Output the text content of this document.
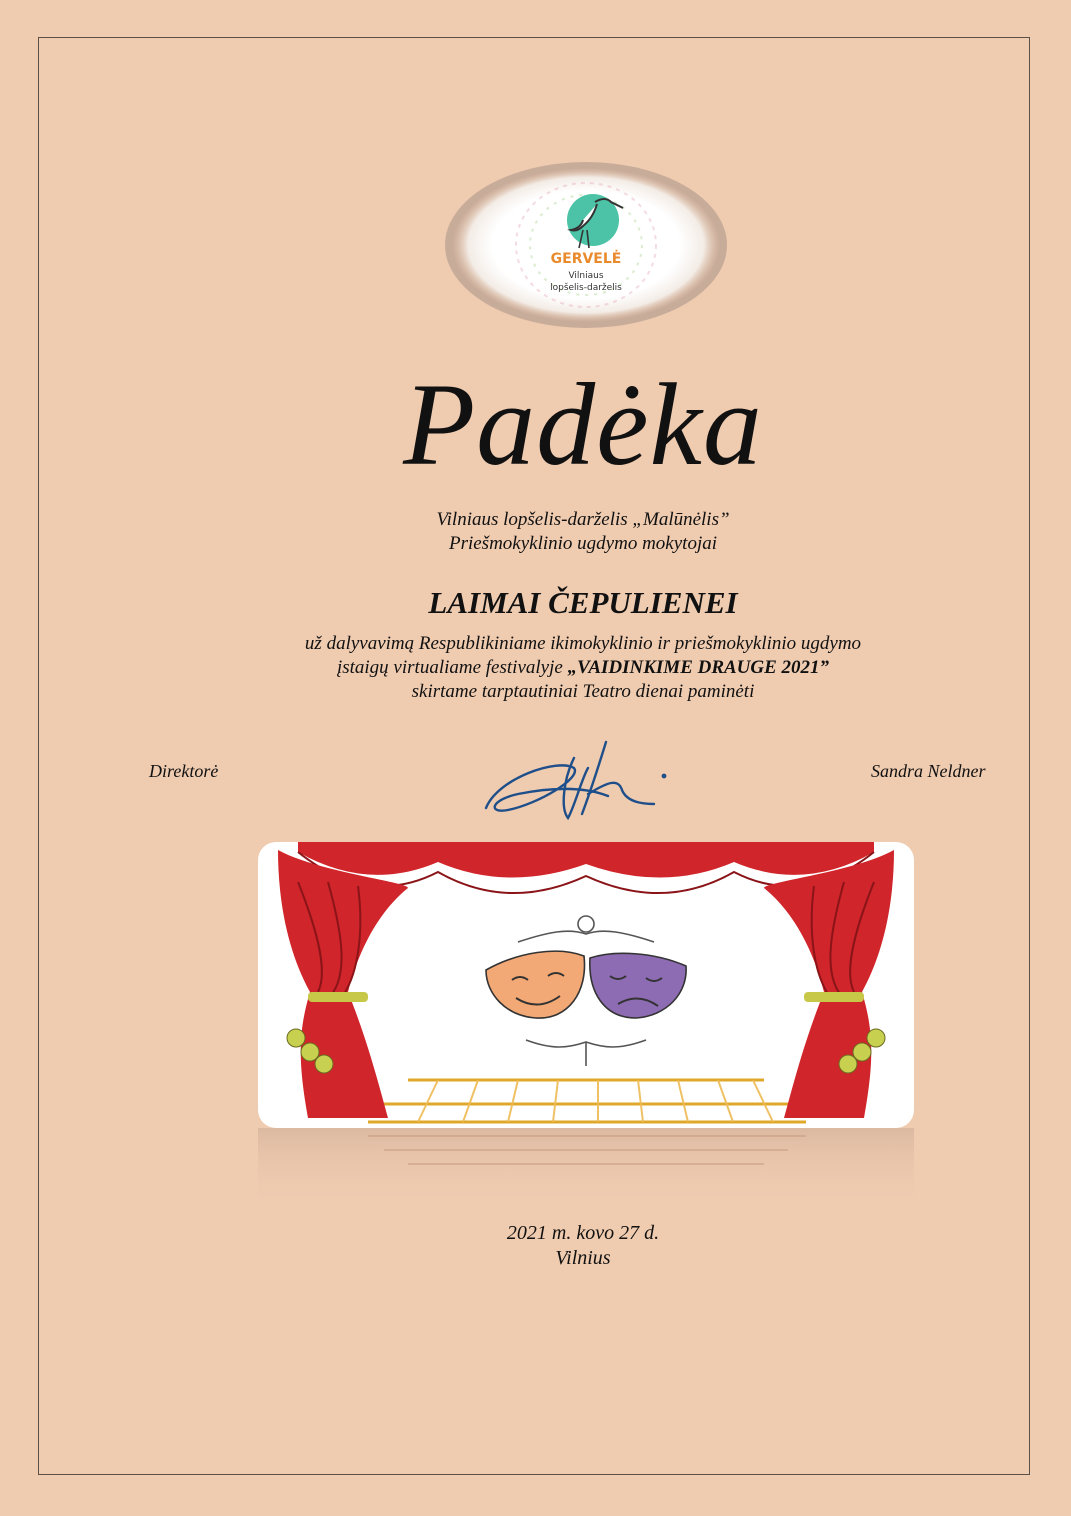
GERVELĖ
Vilniaus
lopšelis-darželis
Padėka
Vilniaus lopšelis-darželis „Malūnėlis”
Priešmokyklinio ugdymo mokytojai
LAIMAI ČEPULIENEI
už dalyvavimą Respublikiniame ikimokyklinio ir priešmokyklinio ugdymo
įstaigų virtualiame festivalyje „VAIDINKIME DRAUGE 2021”
skirtame tarptautiniai Teatro dienai paminėti
Direktorė	Sandra Neldner
2021 m. kovo 27 d.
Vilnius
